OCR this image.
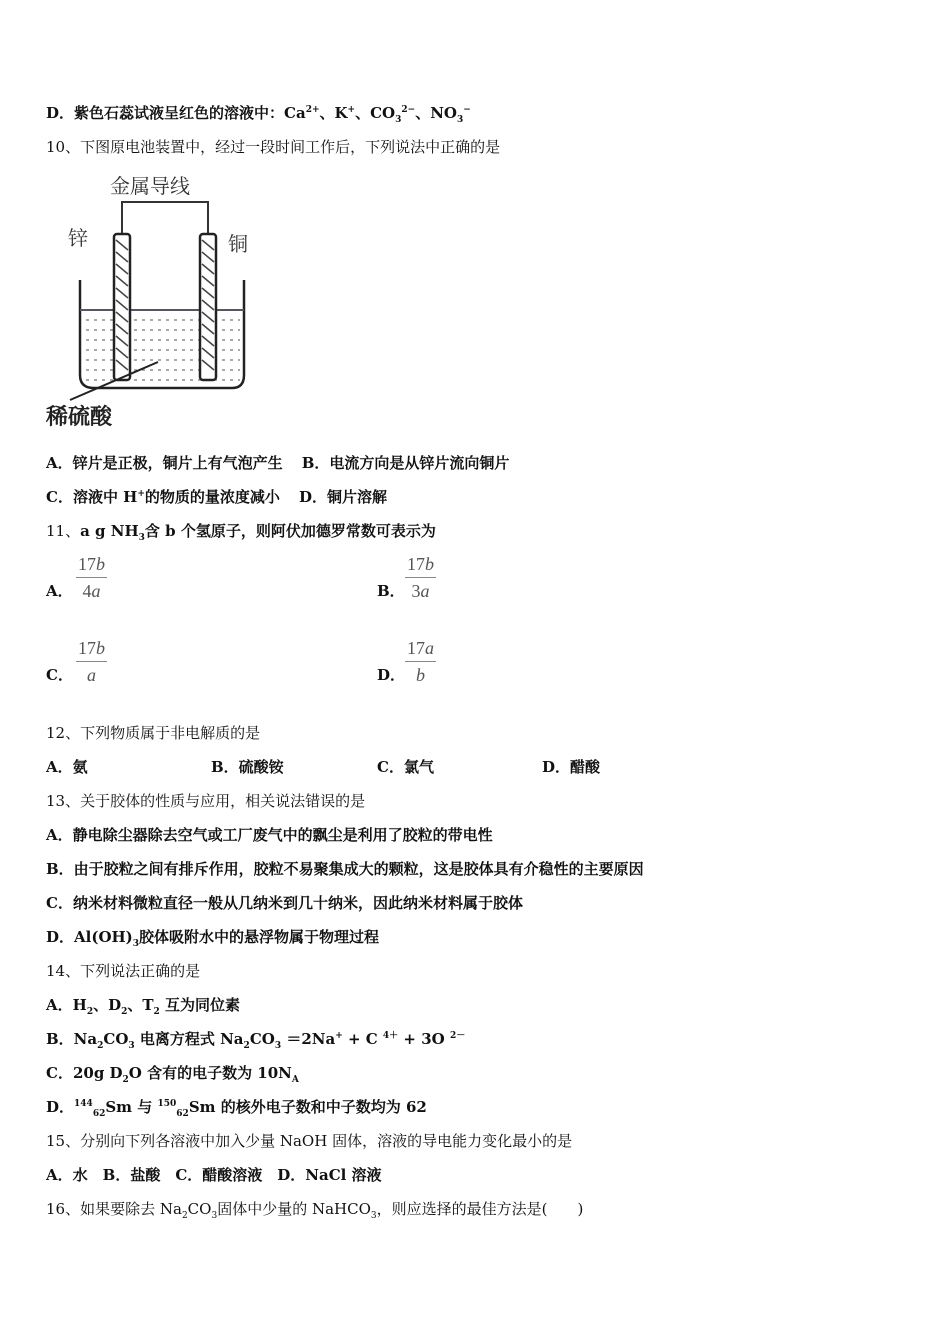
D．紫色石蕊试液呈红色的溶液中：$Ca^{2+}$、K+、$CO_3^{2-}$、$NO_3^-$
10、下图原电池装置中，经过一段时间工作后，下列说法中正确的是
金属导线
锌	铜
稀硫酸
A．锌片是正极，铜片上有气泡产生 B．电流方向是从锌片流向铜片
C．溶液中 H+的物质的量浓度减小 D．铜片溶解
11、a g $NH_3$含 b 个氢原子，则阿伏加德罗常数可表示为
A． $\frac{17b}{4a}$	B． $\frac{17b}{3a}$
C． $\frac{17b}{a}$	D． $\frac{17a}{b}$
12、下列物质属于非电解质的是
A．氨	B．硫酸铵	C．氯气	D．醋酸
13、关于胶体的性质与应用，相关说法错误的是
A．静电除尘器除去空气或工厂废气中的飘尘是利用了胶粒的带电性
B．由于胶粒之间有排斥作用，胶粒不易聚集成大的颗粒，这是胶体具有介稳性的主要原因
C．纳米材料微粒直径一般从几纳米到几十纳米，因此纳米材料属于胶体
D．$Al(OH)_3$胶体吸附水中的悬浮物属于物理过程
14、下列说法正确的是
A．$H_2$、$D_2$、$T_2$ 互为同位素
B．$Na_2CO_3$ 电离方程式 $Na_2CO_3 =2Na^+ + C$ $^{4+}$ + 3O $^{2-}$
C．20g $D_2O$ 含有的电子数为 $10N_A$
D．$^{144}_{62}$Sm 与 $^{150}_{62}$Sm 的核外电子数和中子数均为 62
15、分别向下列各溶液中加入少量 NaOH 固体，溶液的导电能力变化最小的是
A．水　B．盐酸　C．醋酸溶液　D．NaCl 溶液
16、如果要除去 $Na_2CO_3$固体中少量的 NaHCO$_3$，则应选择的最佳方法是(　　)
